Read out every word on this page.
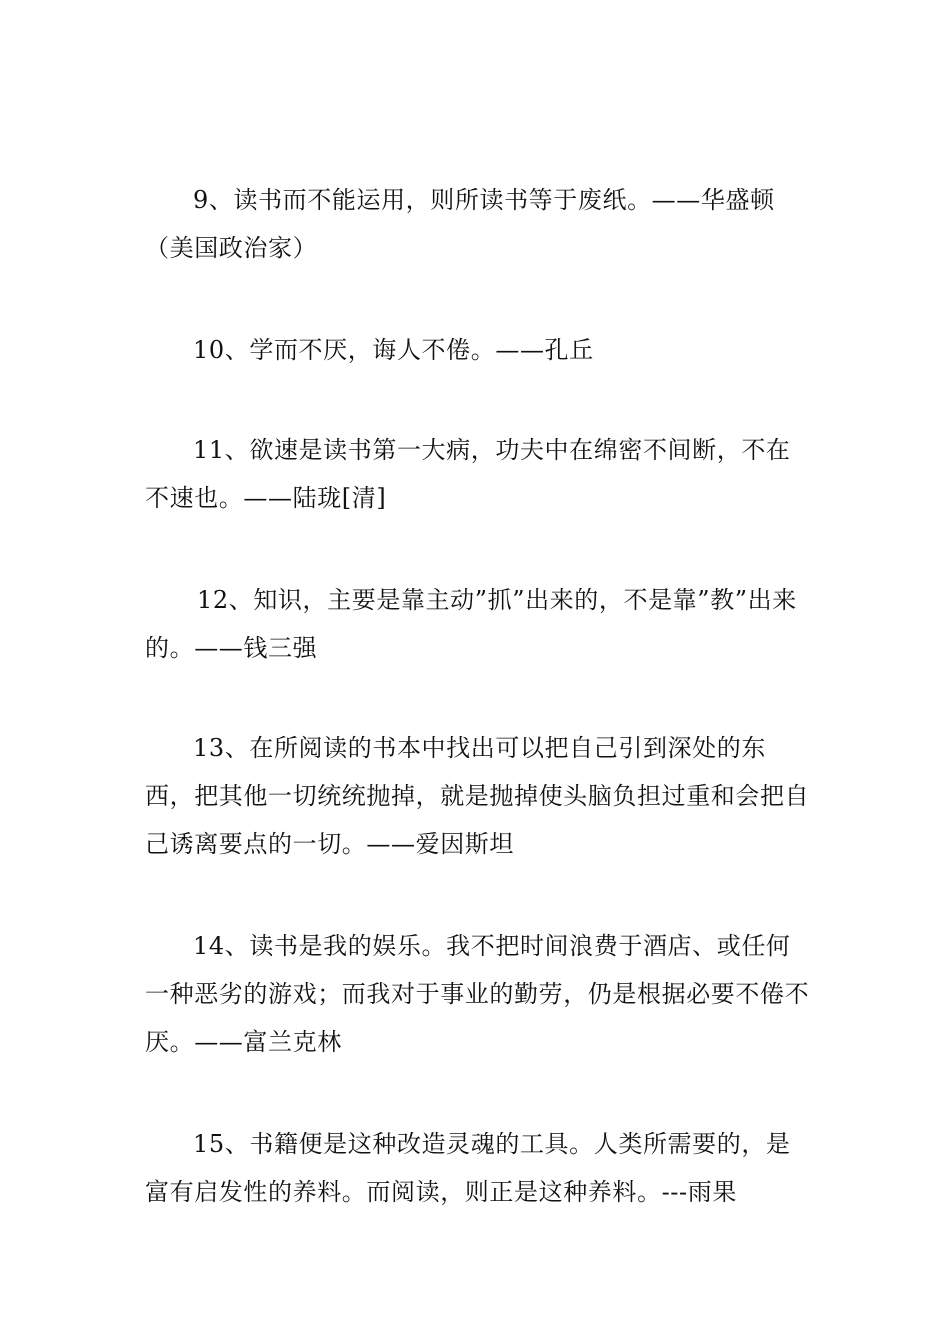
9、读书而不能运用，则所读书等于废纸。——华盛顿（美国政治家）

10、学而不厌，诲人不倦。——孔丘

11、欲速是读书第一大病，功夫中在绵密不间断，不在不速也。——陆珑[清]

12、知识，主要是靠主动”抓”出来的，不是靠”教”出来的。——钱三强

13、在所阅读的书本中找出可以把自己引到深处的东西，把其他一切统统抛掉，就是抛掉使头脑负担过重和会把自己诱离要点的一切。——爱因斯坦

14、读书是我的娱乐。我不把时间浪费于酒店、或任何一种恶劣的游戏；而我对于事业的勤劳，仍是根据必要不倦不厌。——富兰克林

15、书籍便是这种改造灵魂的工具。人类所需要的，是富有启发性的养料。而阅读，则正是这种养料。---雨果
